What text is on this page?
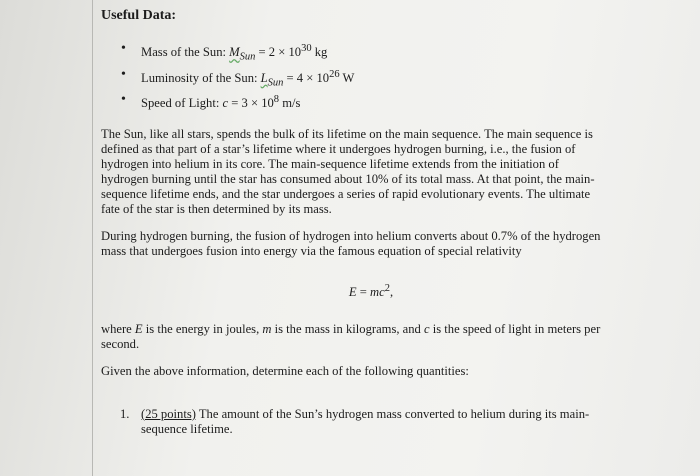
Useful Data:
• Mass of the Sun: $M_{Sun} = 2 \times 10^{30}$ kg
• Luminosity of the Sun: $L_{Sun} = 4 \times 10^{26}$ W
• Speed of Light: $c = 3 \times 10^8$ m/s

The Sun, like all stars, spends the bulk of its lifetime on the main sequence. The main sequence is defined as that part of a star’s lifetime where it undergoes hydrogen burning, i.e., the fusion of hydrogen into helium in its core. The main-sequence lifetime extends from the initiation of hydrogen burning until the star has consumed about 10% of its total mass. At that point, the main-sequence lifetime ends, and the star undergoes a series of rapid evolutionary events. The ultimate fate of the star is then determined by its mass.

During hydrogen burning, the fusion of hydrogen into helium converts about 0.7% of the hydrogen mass that undergoes fusion into energy via the famous equation of special relativity

$E = mc^2$,

where E is the energy in joules, m is the mass in kilograms, and c is the speed of light in meters per second.

Given the above information, determine each of the following quantities:

1. (25 points) The amount of the Sun’s hydrogen mass converted to helium during its main-sequence lifetime.
